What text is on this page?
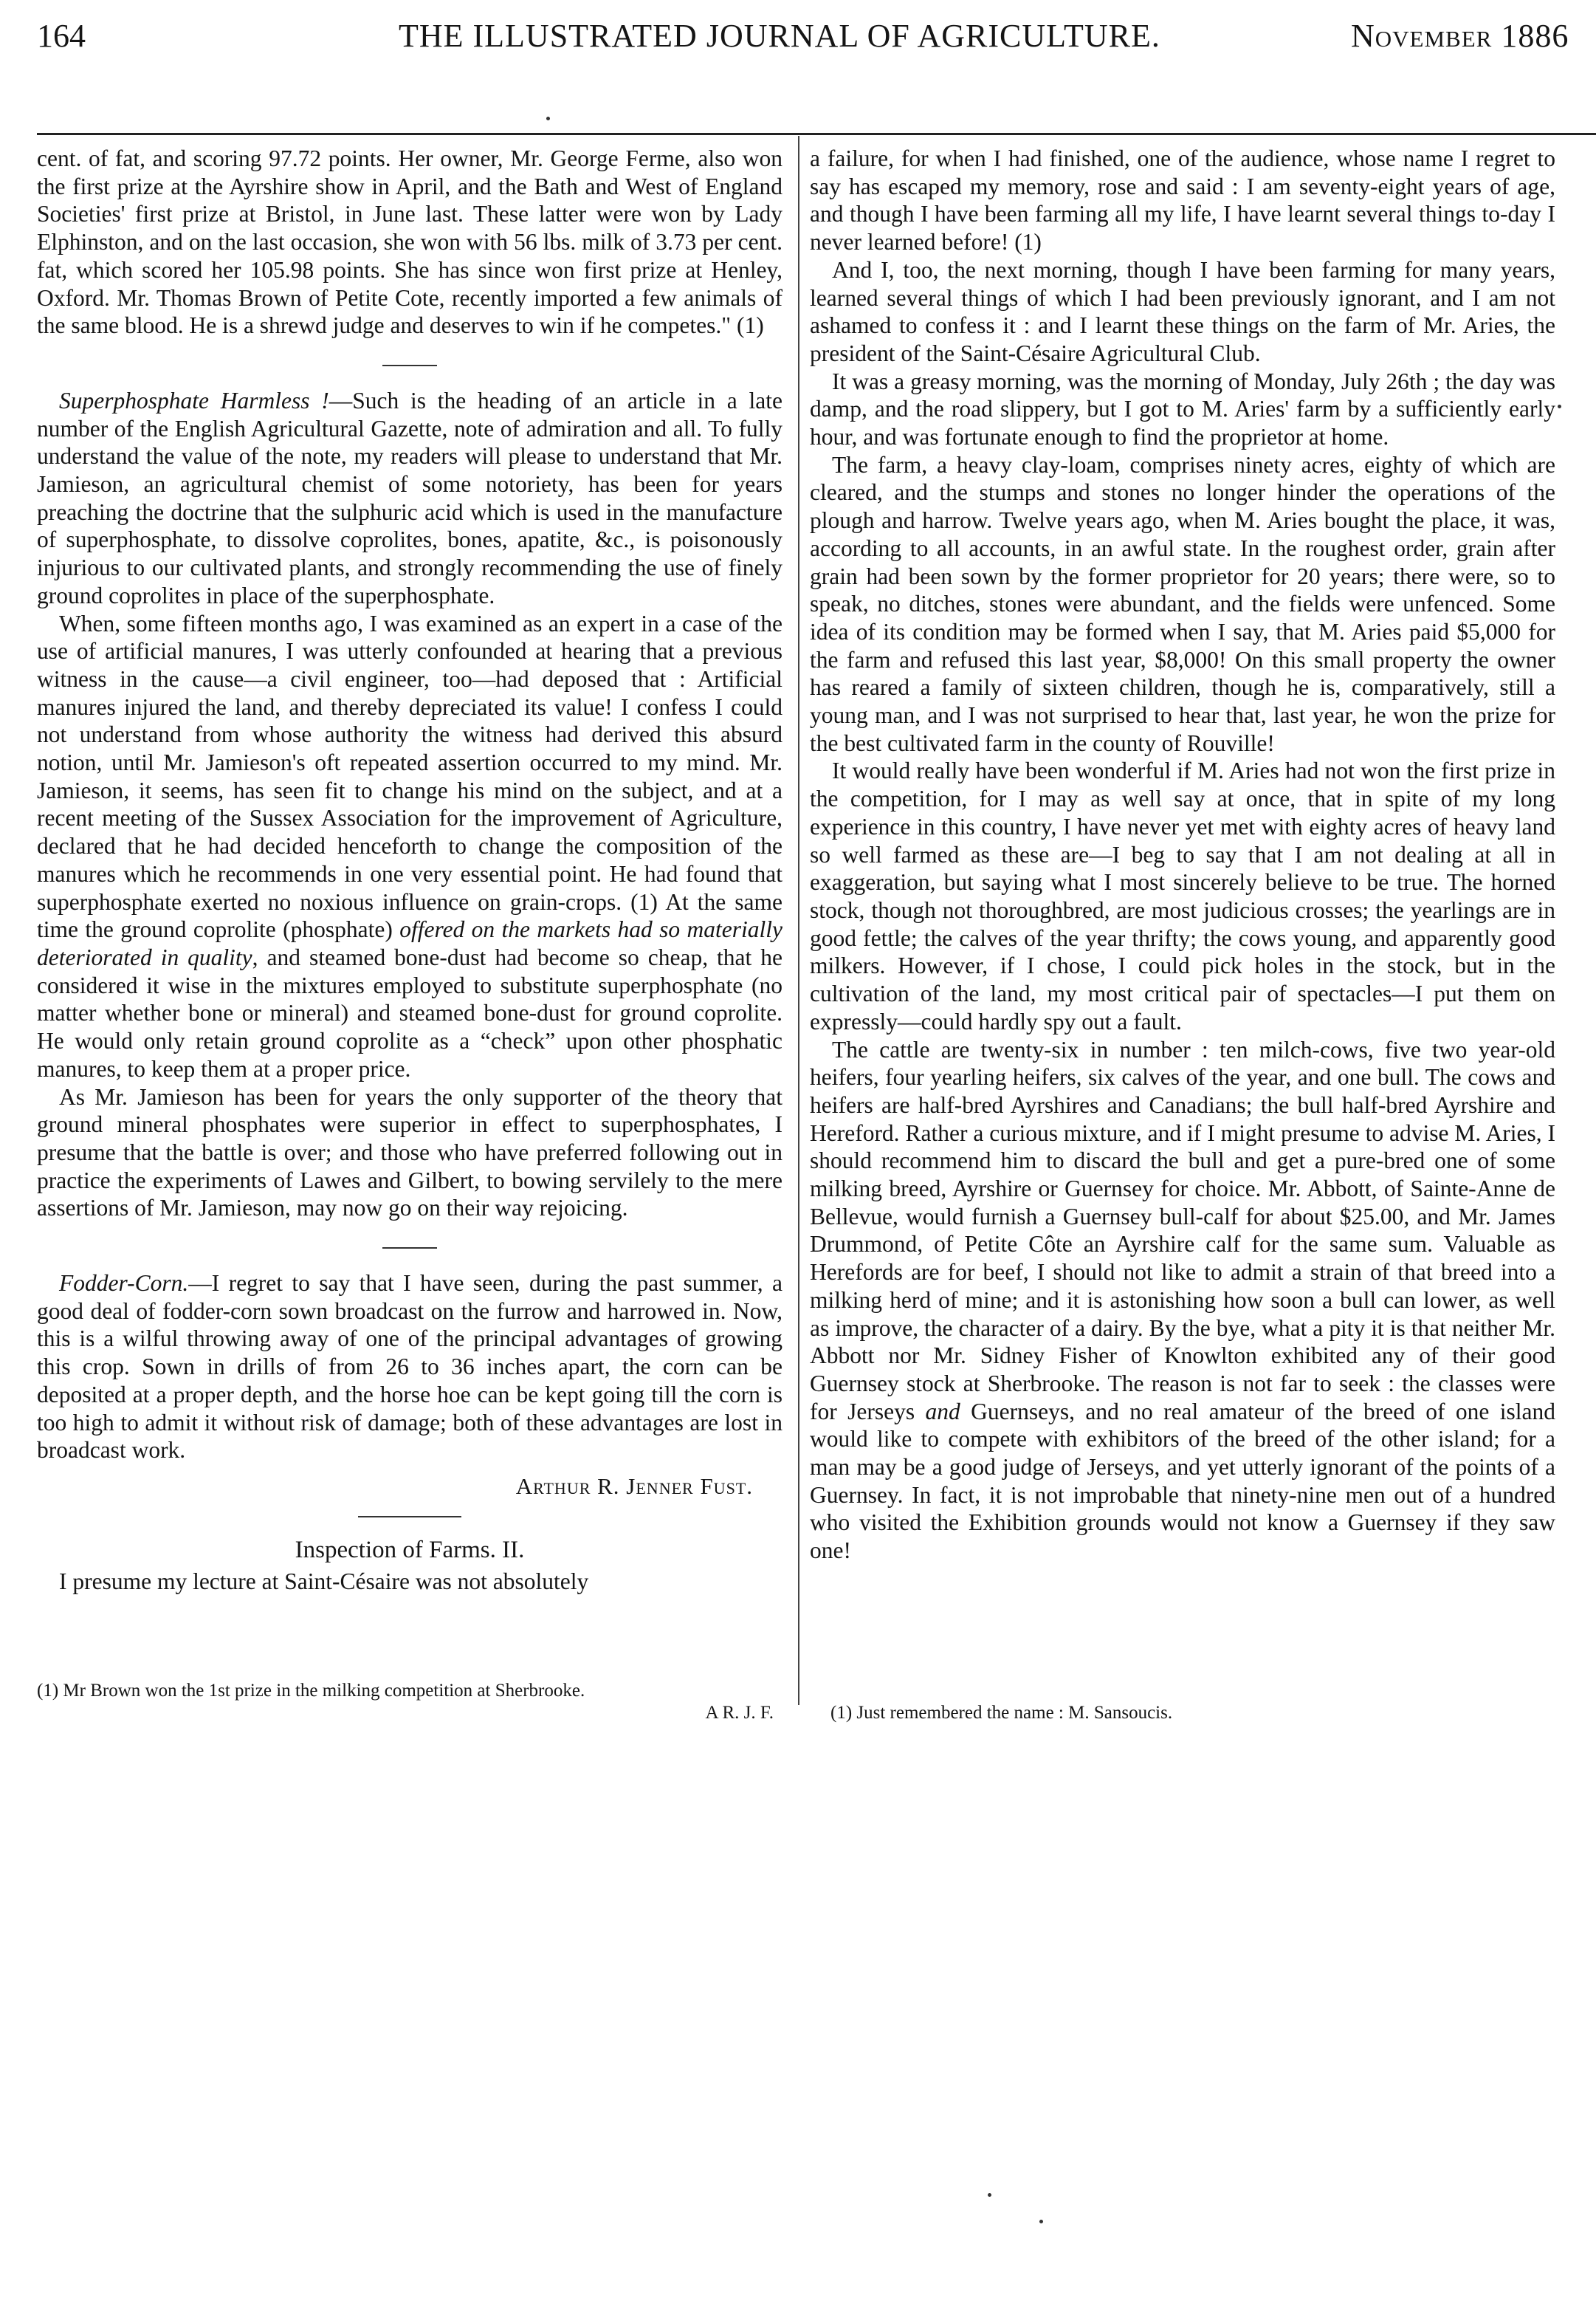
164	THE ILLUSTRATED JOURNAL OF AGRICULTURE.	November 1886

cent. of fat, and scoring 97.72 points. Her owner, Mr. George Ferme, also won the first prize at the Ayrshire show in April, and the Bath and West of England Societies' first prize at Bristol, in June last. These latter were won by Lady Elphinston, and on the last occasion, she won with 56 lbs. milk of 3.73 per cent. fat, which scored her 105.98 points. She has since won first prize at Henley, Oxford. Mr. Thomas Brown of Petite Cote, recently imported a few animals of the same blood. He is a shrewd judge and deserves to win if he competes." (1)

Superphosphate Harmless !—Such is the heading of an article in a late number of the English Agricultural Gazette, note of admiration and all. To fully understand the value of the note, my readers will please to understand that Mr. Jamieson, an agricultural chemist of some notoriety, has been for years preaching the doctrine that the sulphuric acid which is used in the manufacture of superphosphate, to dissolve coprolites, bones, apatite, &c., is poisonously injurious to our cultivated plants, and strongly recommending the use of finely ground coprolites in place of the superphosphate.

When, some fifteen months ago, I was examined as an expert in a case of the use of artificial manures, I was utterly confounded at hearing that a previous witness in the cause—a civil engineer, too—had deposed that : Artificial manures injured the land, and thereby depreciated its value! I confess I could not understand from whose authority the witness had derived this absurd notion, until Mr. Jamieson's oft repeated assertion occurred to my mind. Mr. Jamieson, it seems, has seen fit to change his mind on the subject, and at a recent meeting of the Sussex Association for the improvement of Agriculture, declared that he had decided henceforth to change the composition of the manures which he recommends in one very essential point. He had found that superphosphate exerted no noxious influence on grain-crops. (1) At the same time the ground coprolite (phosphate) offered on the markets had so materially deteriorated in quality, and steamed bone-dust had become so cheap, that he considered it wise in the mixtures employed to substitute superphosphate (no matter whether bone or mineral) and steamed bone-dust for ground coprolite. He would only retain ground coprolite as a “check” upon other phosphatic manures, to keep them at a proper price.

As Mr. Jamieson has been for years the only supporter of the theory that ground mineral phosphates were superior in effect to superphosphates, I presume that the battle is over; and those who have preferred following out in practice the experiments of Lawes and Gilbert, to bowing servilely to the mere assertions of Mr. Jamieson, may now go on their way rejoicing.

Fodder-Corn.—I regret to say that I have seen, during the past summer, a good deal of fodder-corn sown broadcast on the furrow and harrowed in. Now, this is a wilful throwing away of one of the principal advantages of growing this crop. Sown in drills of from 26 to 36 inches apart, the corn can be deposited at a proper depth, and the horse hoe can be kept going till the corn is too high to admit it without risk of damage; both of these advantages are lost in broadcast work.

Arthur R. Jenner Fust.
Inspection of Farms. II.

I presume my lecture at Saint-Césaire was not absolutely

(1) Mr Brown won the 1st prize in the milking competition at Sherbrooke.
A R. J. F.

a failure, for when I had finished, one of the audience, whose name I regret to say has escaped my memory, rose and said : I am seventy-eight years of age, and though I have been farming all my life, I have learnt several things to-day I never learned before! (1)

And I, too, the next morning, though I have been farming for many years, learned several things of which I had been previously ignorant, and I am not ashamed to confess it : and I learnt these things on the farm of Mr. Aries, the president of the Saint-Césaire Agricultural Club.

It was a greasy morning, was the morning of Monday, July 26th ; the day was damp, and the road slippery, but I got to M. Aries' farm by a sufficiently early hour, and was fortunate enough to find the proprietor at home.

The farm, a heavy clay-loam, comprises ninety acres, eighty of which are cleared, and the stumps and stones no longer hinder the operations of the plough and harrow. Twelve years ago, when M. Aries bought the place, it was, according to all accounts, in an awful state. In the roughest order, grain after grain had been sown by the former proprietor for 20 years; there were, so to speak, no ditches, stones were abundant, and the fields were unfenced. Some idea of its condition may be formed when I say, that M. Aries paid $5,000 for the farm and refused this last year, $8,000! On this small property the owner has reared a family of sixteen children, though he is, comparatively, still a young man, and I was not surprised to hear that, last year, he won the prize for the best cultivated farm in the county of Rouville!

It would really have been wonderful if M. Aries had not won the first prize in the competition, for I may as well say at once, that in spite of my long experience in this country, I have never yet met with eighty acres of heavy land so well farmed as these are—I beg to say that I am not dealing at all in exaggeration, but saying what I most sincerely believe to be true. The horned stock, though not thoroughbred, are most judicious crosses; the yearlings are in good fettle; the calves of the year thrifty; the cows young, and apparently good milkers. However, if I chose, I could pick holes in the stock, but in the cultivation of the land, my most critical pair of spectacles—I put them on expressly—could hardly spy out a fault.

The cattle are twenty-six in number : ten milch-cows, five two year-old heifers, four yearling heifers, six calves of the year, and one bull. The cows and heifers are half-bred Ayrshires and Canadians; the bull half-bred Ayrshire and Hereford. Rather a curious mixture, and if I might presume to advise M. Aries, I should recommend him to discard the bull and get a pure-bred one of some milking breed, Ayrshire or Guernsey for choice. Mr. Abbott, of Sainte-Anne de Bellevue, would furnish a Guernsey bull-calf for about $25.00, and Mr. James Drummond, of Petite Côte an Ayrshire calf for the same sum. Valuable as Herefords are for beef, I should not like to admit a strain of that breed into a milking herd of mine; and it is astonishing how soon a bull can lower, as well as improve, the character of a dairy. By the bye, what a pity it is that neither Mr. Abbott nor Mr. Sidney Fisher of Knowlton exhibited any of their good Guernsey stock at Sherbrooke. The reason is not far to seek : the classes were for Jerseys and Guernseys, and no real amateur of the breed of one island would like to compete with exhibitors of the breed of the other island; for a man may be a good judge of Jerseys, and yet utterly ignorant of the points of a Guernsey. In fact, it is not improbable that ninety-nine men out of a hundred who visited the Exhibition grounds would not know a Guernsey if they saw one!

(1) Just remembered the name : M. Sansoucis.
